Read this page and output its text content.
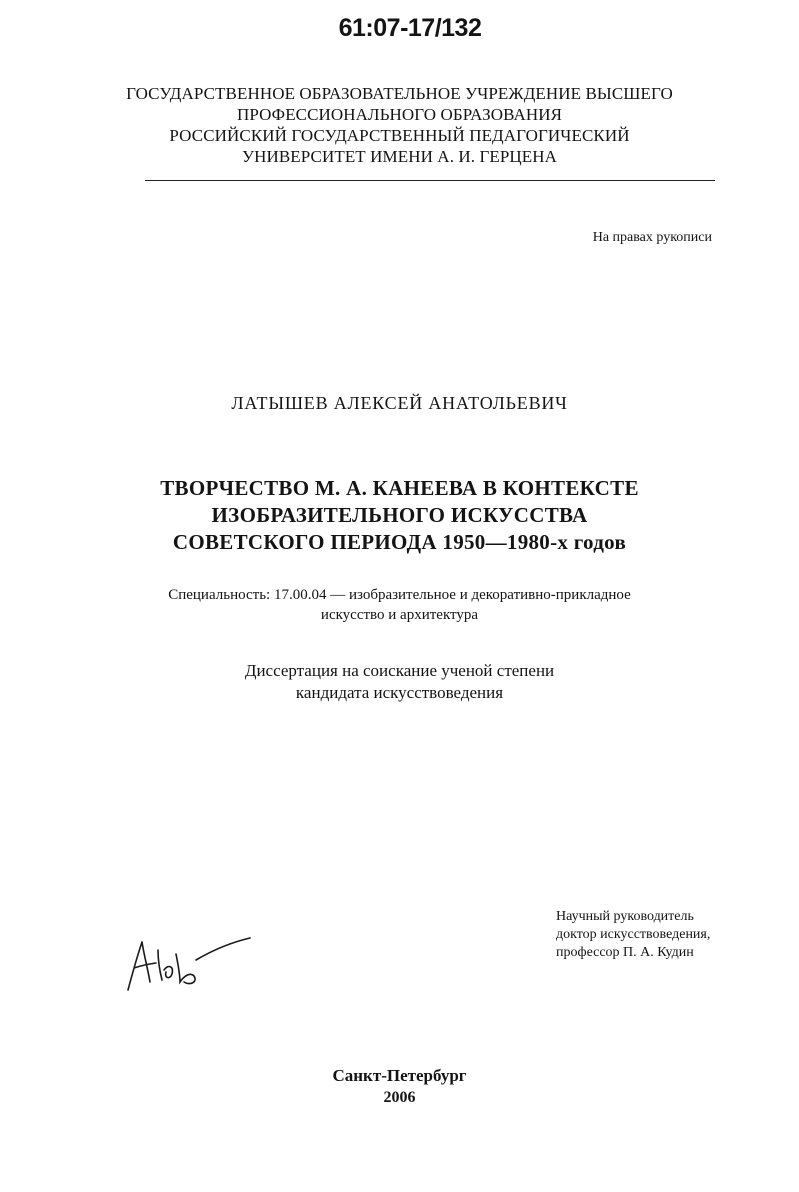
61:07-17/132
ГОСУДАРСТВЕННОЕ ОБРАЗОВАТЕЛЬНОЕ УЧРЕЖДЕНИЕ ВЫСШЕГО
ПРОФЕССИОНАЛЬНОГО ОБРАЗОВАНИЯ
РОССИЙСКИЙ ГОСУДАРСТВЕННЫЙ ПЕДАГОГИЧЕСКИЙ
УНИВЕРСИТЕТ ИМЕНИ А. И. ГЕРЦЕНА
На правах рукописи
ЛАТЫШЕВ АЛЕКСЕЙ АНАТОЛЬЕВИЧ
ТВОРЧЕСТВО М. А. КАНЕЕВА В КОНТЕКСТЕ
ИЗОБРАЗИТЕЛЬНОГО ИСКУССТВА
СОВЕТСКОГО ПЕРИОДА 1950—1980-х годов
Специальность: 17.00.04 — изобразительное и декоративно-прикладное
искусство и архитектура
Диссертация на соискание ученой степени
кандидата искусствоведения
Научный руководитель
доктор искусствоведения,
профессор П. А. Кудин
Санкт-Петербург
2006
